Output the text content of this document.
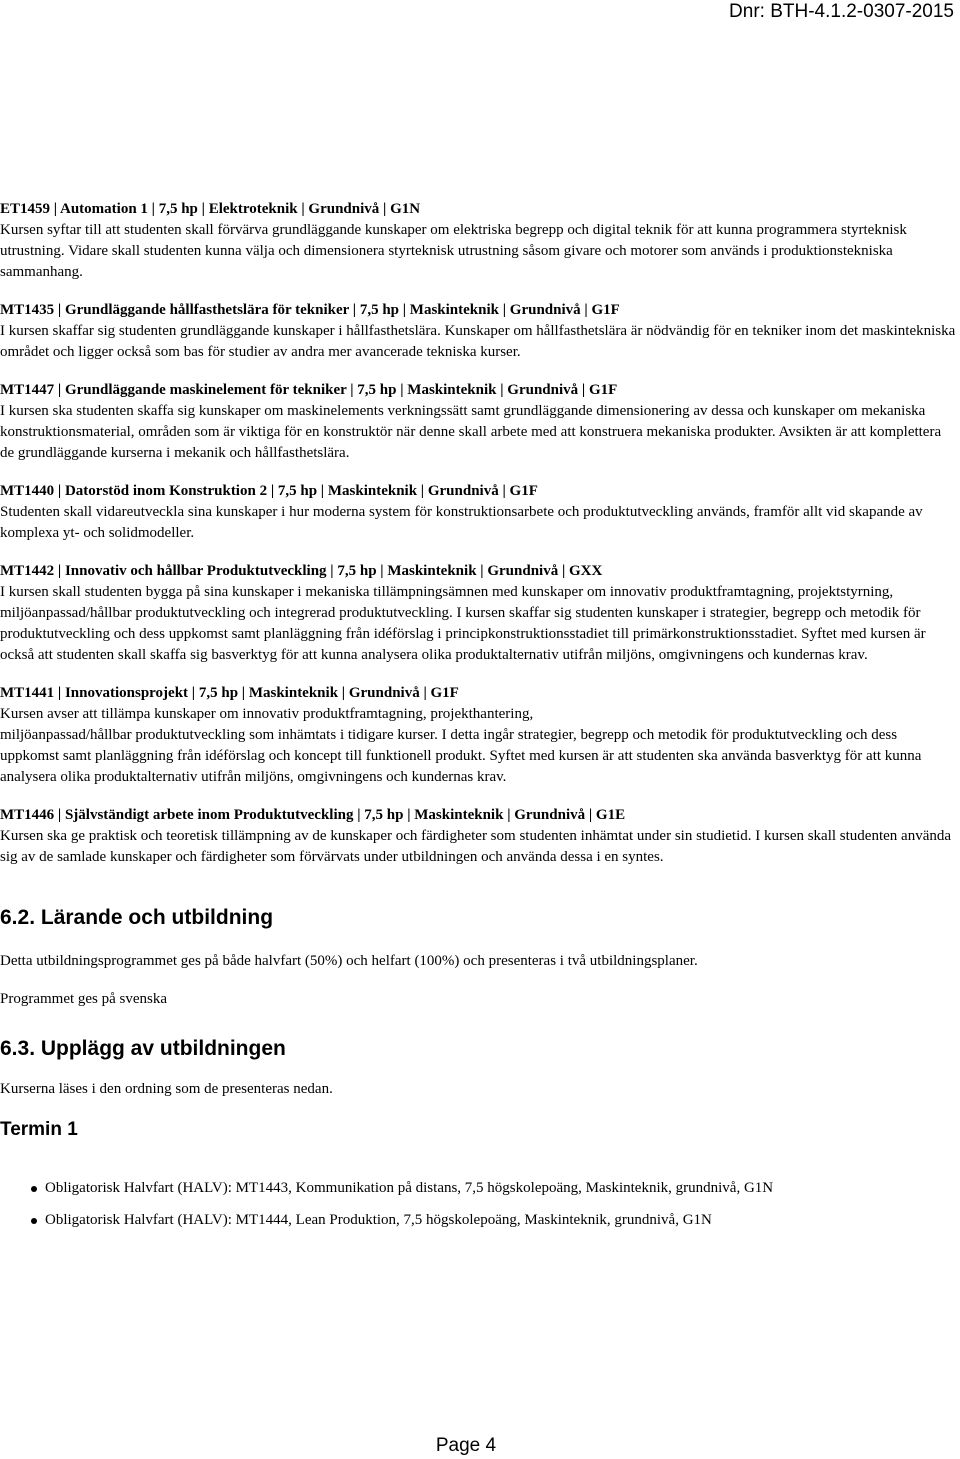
Dnr: BTH-4.1.2-0307-2015
ET1459 | Automation 1 | 7,5 hp | Elektroteknik | Grundnivå | G1N
Kursen syftar till att studenten skall förvärva grundläggande kunskaper om elektriska begrepp och digital teknik för att kunna programmera styrteknisk utrustning. Vidare skall studenten kunna välja och dimensionera styrteknisk utrustning såsom givare och motorer som används i produktionstekniska sammanhang.
MT1435 | Grundläggande hållfasthetslära för tekniker | 7,5 hp | Maskinteknik | Grundnivå | G1F
I kursen skaffar sig studenten grundläggande kunskaper i hållfasthetslära. Kunskaper om hållfasthetslära är nödvändig för en tekniker inom det maskintekniska området och ligger också som bas för studier av andra mer avancerade tekniska kurser.
MT1447 | Grundläggande maskinelement för tekniker | 7,5 hp | Maskinteknik | Grundnivå | G1F
I kursen ska studenten skaffa sig kunskaper om maskinelements verkningssätt samt grundläggande dimensionering av dessa och kunskaper om mekaniska konstruktionsmaterial, områden som är viktiga för en konstruktör när denne skall arbete med att konstruera mekaniska produkter. Avsikten är att komplettera de grundläggande kurserna i mekanik och hållfasthetslära.
MT1440 | Datorstöd inom Konstruktion 2 | 7,5 hp | Maskinteknik | Grundnivå | G1F
Studenten skall vidareutveckla sina kunskaper i hur moderna system för konstruktionsarbete och produktutveckling används, framför allt vid skapande av komplexa yt- och solidmodeller.
MT1442 | Innovativ och hållbar Produktutveckling | 7,5 hp | Maskinteknik | Grundnivå | GXX
I kursen skall studenten bygga på sina kunskaper i mekaniska tillämpningsämnen med kunskaper om innovativ produktframtagning, projektstyrning,
miljöanpassad/hållbar produktutveckling och integrerad produktutveckling. I kursen skaffar sig studenten kunskaper i strategier, begrepp och metodik för produktutveckling och dess uppkomst samt planläggning från idéförslag i principkonstruktionsstadiet till primärkonstruktionsstadiet. Syftet med kursen är också att studenten skall skaffa sig basverktyg för att kunna analysera olika produktalternativ utifrån miljöns, omgivningens och kundernas krav.
MT1441 | Innovationsprojekt | 7,5 hp | Maskinteknik | Grundnivå | G1F
Kursen avser att tillämpa kunskaper om innovativ produktframtagning, projekthantering,
miljöanpassad/hållbar produktutveckling som inhämtats i tidigare kurser. I detta ingår strategier, begrepp och metodik för produktutveckling och dess uppkomst samt planläggning från idéförslag och koncept till funktionell produkt. Syftet med kursen är att studenten ska använda basverktyg för att kunna analysera olika produktalternativ utifrån miljöns, omgivningens och kundernas krav.
MT1446 | Självständigt arbete inom Produktutveckling | 7,5 hp | Maskinteknik | Grundnivå | G1E
Kursen ska ge praktisk och teoretisk tillämpning av de kunskaper och färdigheter som studenten inhämtat under sin studietid. I kursen skall studenten använda sig av de samlade kunskaper och färdigheter som förvärvats under utbildningen och använda dessa i en syntes.
6.2. Lärande och utbildning

Detta utbildningsprogrammet ges på både halvfart (50%) och helfart (100%) och presenteras i två utbildningsplaner.

Programmet ges på svenska

6.3. Upplägg av utbildningen

Kurserna läses i den ordning som de presenteras nedan.

Termin 1
Obligatorisk Halvfart (HALV): MT1443, Kommunikation på distans, 7,5 högskolepoäng, Maskinteknik, grundnivå, G1N
Obligatorisk Halvfart (HALV): MT1444, Lean Produktion, 7,5 högskolepoäng, Maskinteknik, grundnivå, G1N
Page 4
